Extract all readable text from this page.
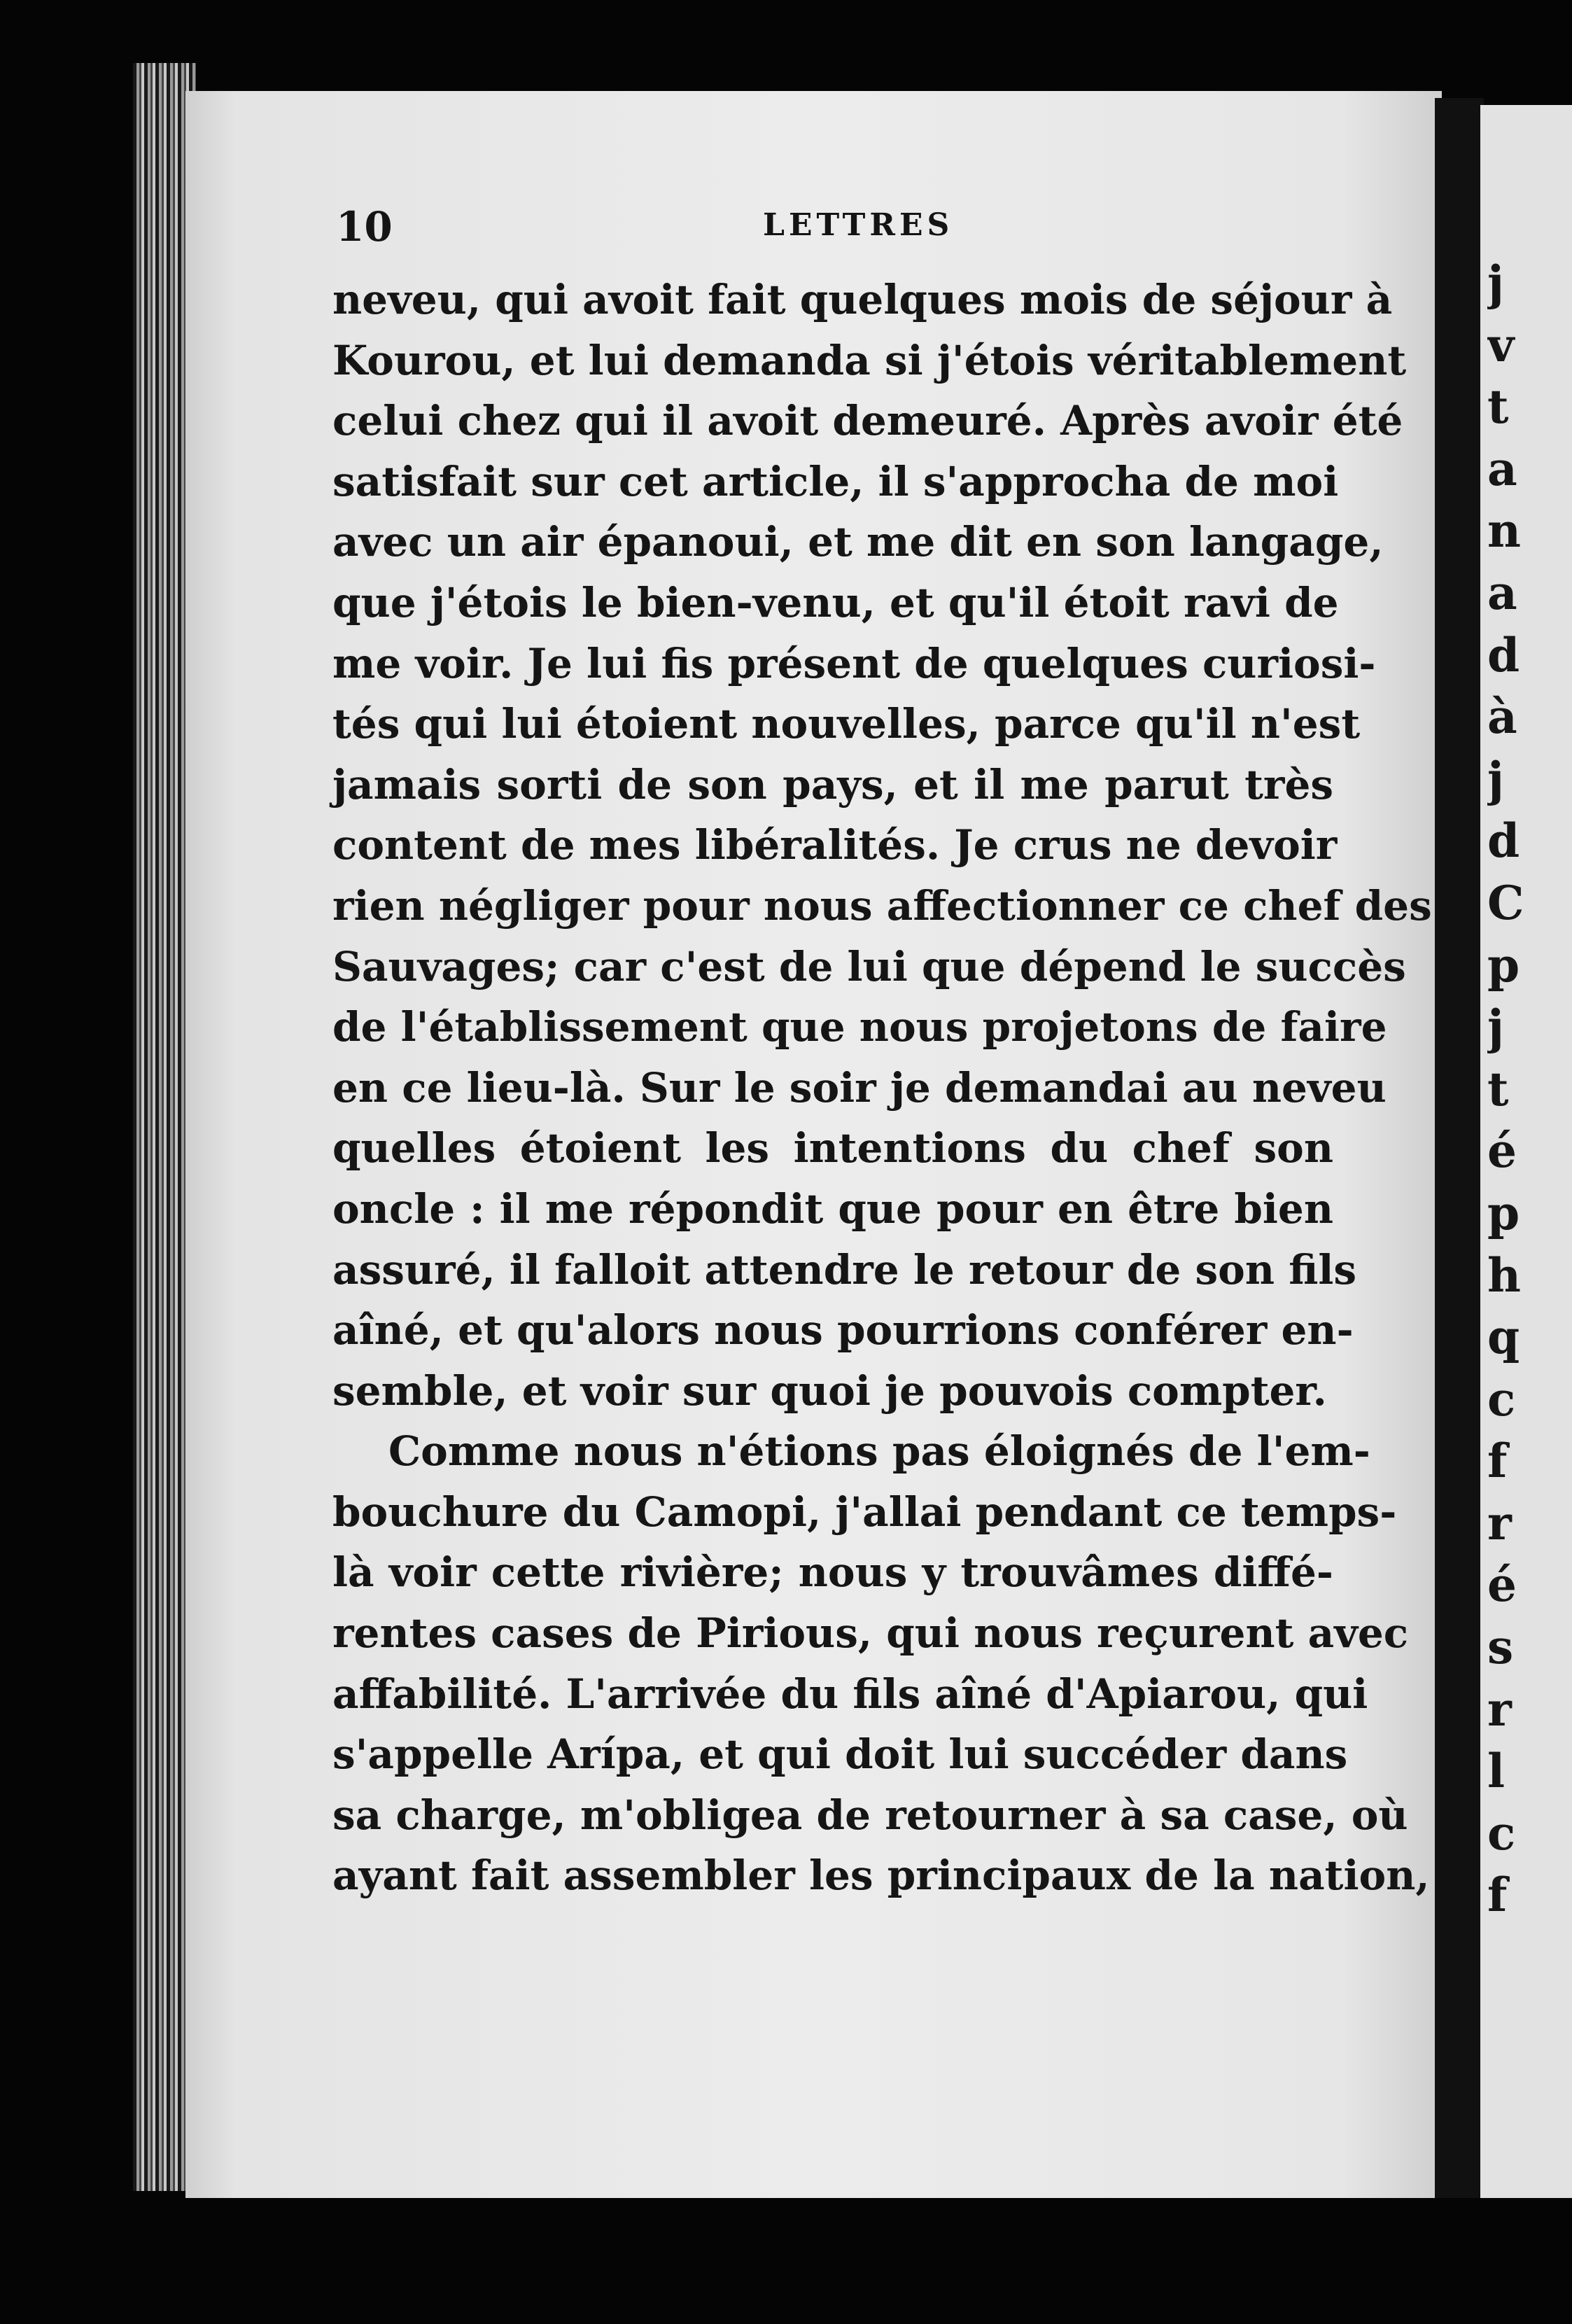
j
v
t
a
n
a
d
à
j
d
C
p
j
t
é
p
h
q
c
f
r
é
s
r
l
c
f
10	LETTRES
neveu, qui avoit fait quelques mois de séjour à
Kourou, et lui demanda si j'étois véritablement
celui chez qui il avoit demeuré. Après avoir été
satisfait sur cet article, il s'approcha de moi
avec un air épanoui, et me dit en son langage,
que j'étois le bien-venu, et qu'il étoit ravi de
me voir. Je lui fis présent de quelques curiosi-
tés qui lui étoient nouvelles, parce qu'il n'est
jamais sorti de son pays, et il me parut très
content de mes libéralités. Je crus ne devoir
rien négliger pour nous affectionner ce chef des
Sauvages; car c'est de lui que dépend le succès
de l'établissement que nous projetons de faire
en ce lieu-là. Sur le soir je demandai au neveu
quelles étoient les intentions du chef son
oncle : il me répondit que pour en être bien
assuré, il falloit attendre le retour de son fils
aîné, et qu'alors nous pourrions conférer en-
semble, et voir sur quoi je pouvois compter.
Comme nous n'étions pas éloignés de l'em-
bouchure du Camopi, j'allai pendant ce temps-
là voir cette rivière; nous y trouvâmes diffé-
rentes cases de Pirious, qui nous reçurent avec
affabilité. L'arrivée du fils aîné d'Apiarou, qui
s'appelle Arípa, et qui doit lui succéder dans
sa charge, m'obligea de retourner à sa case, où
ayant fait assembler les principaux de la nation,
